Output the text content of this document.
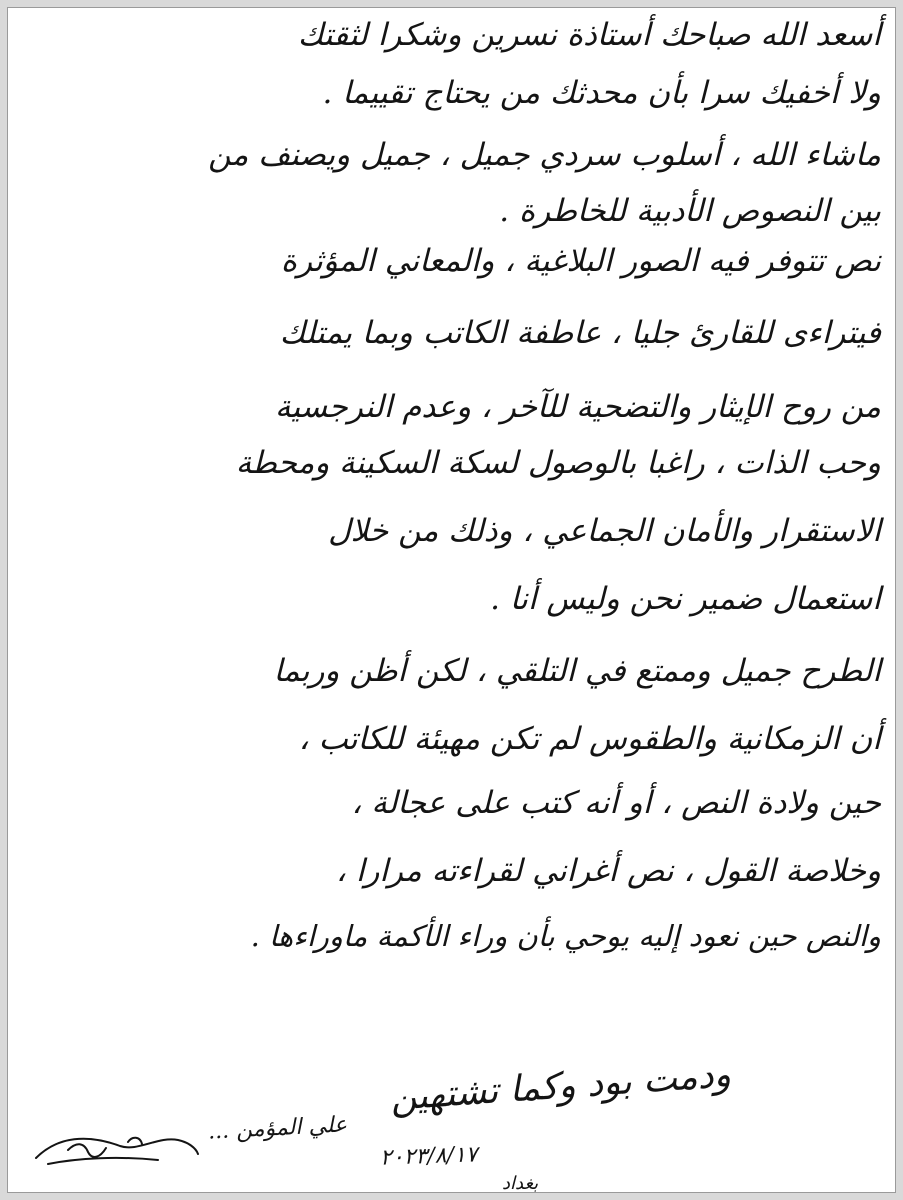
أسعد الله صباحك أستاذة نسرين وشكرا لثقتك
ولا أخفيك سرا بأن محدثك من يحتاج تقييما .
ماشاء الله ، أسلوب سردي جميل ، جميل ويصنف من
بين النصوص الأدبية للخاطرة .
نص تتوفر فيه الصور البلاغية ، والمعاني المؤثرة
فيتراءى للقارئ جليا ، عاطفة الكاتب وبما يمتلك
من روح الإيثار والتضحية للآخر ، وعدم النرجسية
وحب الذات ، راغبا بالوصول لسكة السكينة ومحطة
الاستقرار والأمان الجماعي ، وذلك من خلال
استعمال ضمير نحن وليس أنا .
الطرح جميل وممتع في التلقي ، لكن أظن وربما
أن الزمكانية والطقوس لم تكن مهيئة للكاتب ،
حين ولادة النص ، أو أنه كتب على عجالة ،
وخلاصة القول ، نص أغراني لقراءته مرارا ،
والنص حين نعود إليه يوحي بأن وراء الأكمة ماوراءها .
ودمت بود وكما تشتهين
علي المؤمن ...
٢٠٢٣/٨/١٧
بغداد
